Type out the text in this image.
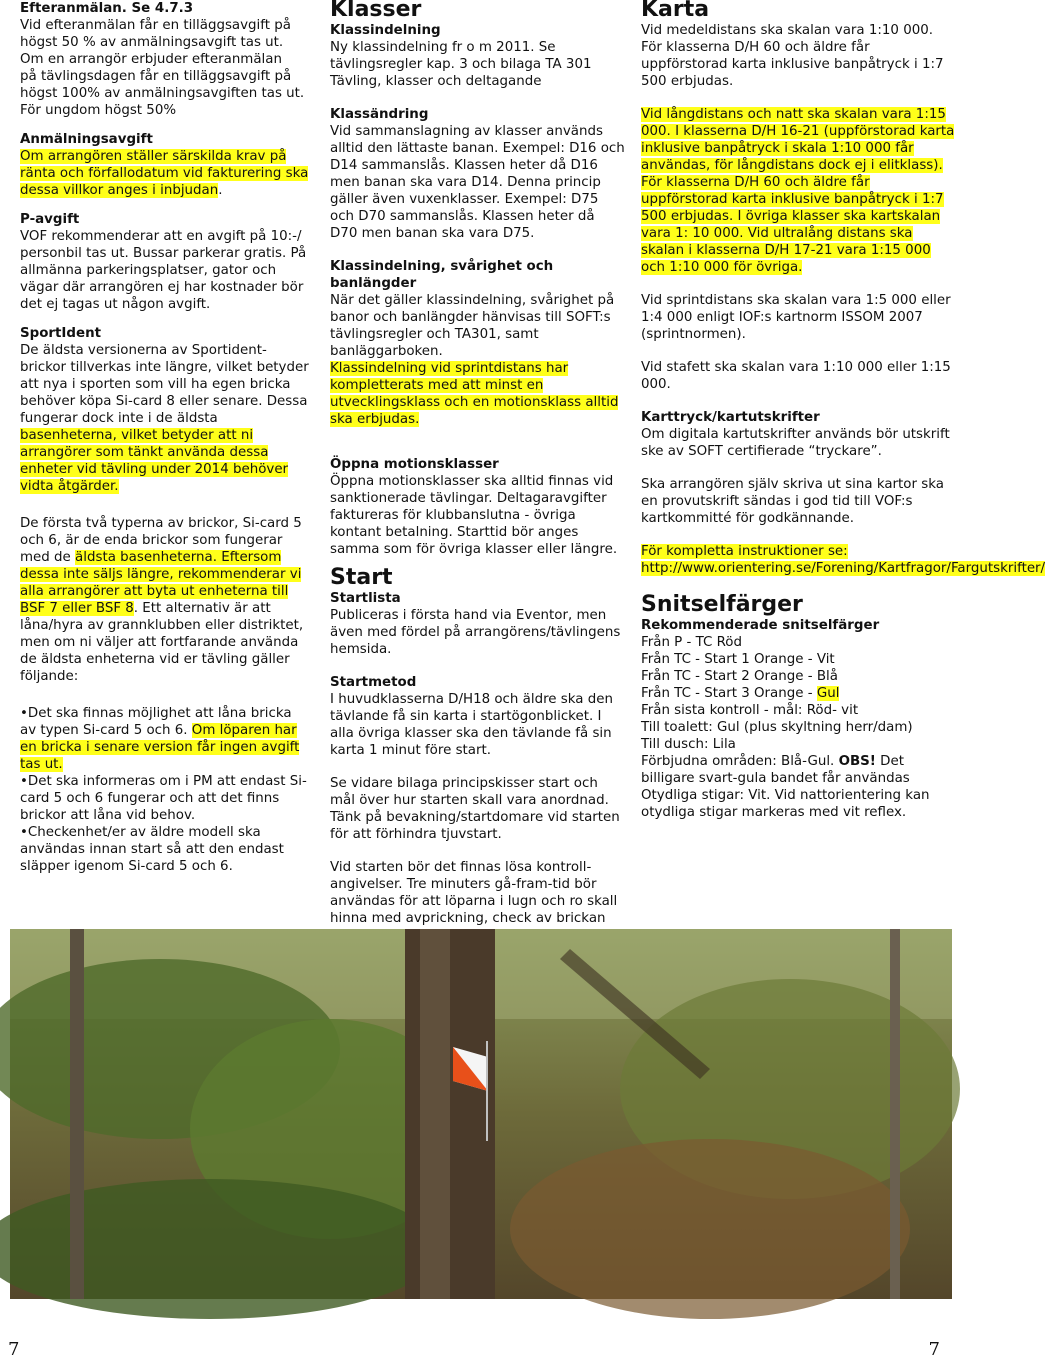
Efteranmälan. Se 4.7.3

Vid efteranmälan får en tilläggsavgift på

högst 50 % av anmälningsavgift tas ut.

Om en arrangör erbjuder efteranmälan

på tävlingsdagen får en tilläggsavgift på

högst 100% av anmälningsavgiften tas ut.

För ungdom högst 50%

Anmälningsavgift

Om arrangören ställer särskilda krav på ränta och förfallodatum vid fakturering ska dessa villkor anges i inbjudan.

P-avgift

VOF rekommenderar att en avgift på 10:-/ personbil tas ut. Bussar parkerar gratis. På allmänna parkeringsplatser, gator och vägar där arrangören ej har kostnader bör det ej tagas ut någon avgift.

SportIdent

De äldsta versionerna av Sportident-brickor tillverkas inte längre, vilket betyder att nya i sporten som vill ha egen bricka behöver köpa Si-card 8 eller senare. Dessa fungerar dock inte i de äldsta basenheterna, vilket betyder att ni arrangörer som tänkt använda dessa enheter vid tävling under 2014 behöver vidta åtgärder.

De första två typerna av brickor, Si-card 5 och 6, är de enda brickor som fungerar med de äldsta basenheterna. Eftersom dessa inte säljs längre, rekommenderar vi alla arrangörer att byta ut enheterna till BSF 7 eller BSF 8. Ett alternativ är att låna/hyra av grannklubben eller distriktet, men om ni väljer att fortfarande använda de äldsta enheterna vid er tävling gäller följande:

• Det ska finnas möjlighet att låna bricka av typen Si-card 5 och 6. Om löparen har en bricka i senare version får ingen avgift tas ut.

• Det ska informeras om i PM att endast Si-card 5 och 6 fungerar och att det finns brickor att låna vid behov.

• Checkenhet/er av äldre modell ska användas innan start så att den endast släpper igenom Si-card 5 och 6.

Klasser

Klassindelning

Ny klassindelning fr o m 2011. Se tävlingsregler kap. 3 och bilaga TA 301 Tävling, klasser och deltagande

Klassändring

Vid sammanslagning av klasser används alltid den lättaste banan. Exempel: D16 och D14 sammanslås. Klassen heter då D16 men banan ska vara D14. Denna princip gäller även vuxenklasser. Exempel: D75 och D70 sammanslås. Klassen heter då D70 men banan ska vara D75.

Klassindelning, svårighet och banlängder

När det gäller klassindelning, svårighet på banor och banlängder hänvisas till SOFT:s tävlingsregler och TA301, samt banläggarboken.

Klassindelning vid sprintdistans har kompletterats med att minst en utvecklingsklass och en motionsklass alltid ska erbjudas.

Öppna motionsklasser

Öppna motionsklasser ska alltid finnas vid sanktionerade tävlingar. Deltagaravgifter faktureras för klubbanslutna - övriga kontant betalning. Starttid bör anges samma som för övriga klasser eller längre.

Start

Startlista

Publiceras i första hand via Eventor, men även med fördel på arrangörens/tävlingens hemsida.

Startmetod

I huvudklasserna D/H18 och äldre ska den tävlande få sin karta i startögonblicket. I alla övriga klasser ska den tävlande få sin karta 1 minut före start.

Se vidare bilaga principskisser start och mål över hur starten skall vara anordnad. Tänk på bevakning/startdomare vid starten för att förhindra tjuvstart.

Vid starten bör det finnas lösa kontroll-angivelser. Tre minuters gå-fram-tid bör användas för att löparna i lugn och ro skall hinna med avprickning, check av brickan

Karta

Vid medeldistans ska skalan vara 1:10 000. För klasserna D/H 60 och äldre får uppförstorad karta inklusive banpåtryck i 1:7 500 erbjudas.

Vid långdistans och natt ska skalan vara 1:15 000. I klasserna D/H 16-21 (uppförstorad karta inklusive banpåtryck i skala 1:10 000 får användas, för långdistans dock ej i elitklass). För klasserna D/H 60 och äldre får uppförstorad karta inklusive banpåtryck i 1:7 500 erbjudas. I övriga klasser ska kartskalan vara 1: 10 000. Vid ultralång distans ska skalan i klasserna D/H 17-21 vara 1:15 000 och 1:10 000 för övriga.

Vid sprintdistans ska skalan vara 1:5 000 eller 1:4 000 enligt IOF:s kartnorm ISSOM 2007 (sprintnormen).

Vid stafett ska skalan vara 1:10 000 eller 1:15 000.

Karttryck/kartutskrifter

Om digitala kartutskrifter används bör utskrift ske av SOFT certifierade “tryckare”.

Ska arrangören själv skriva ut sina kartor ska en provutskrift sändas i god tid till VOF:s kartkommitté för godkännande.

För kompletta instruktioner se: http://www.orientering.se/Forening/Kartfragor/Fargutskrifter/

Snitselfärger

Rekommenderade snitselfärger

Från P - TC Röd

Från TC - Start 1 Orange - Vit

Från TC - Start 2 Orange - Blå

Från TC - Start 3 Orange - Gul

Från sista kontroll - mål: Röd- vit

Till toalett: Gul (plus skyltning herr/dam)

Till dusch: Lila

Förbjudna områden: Blå-Gul. OBS! Det billigare svart-gula bandet får användas

Otydliga stigar: Vit. Vid nattorientering kan otydliga stigar markeras med vit reflex.

7	7
